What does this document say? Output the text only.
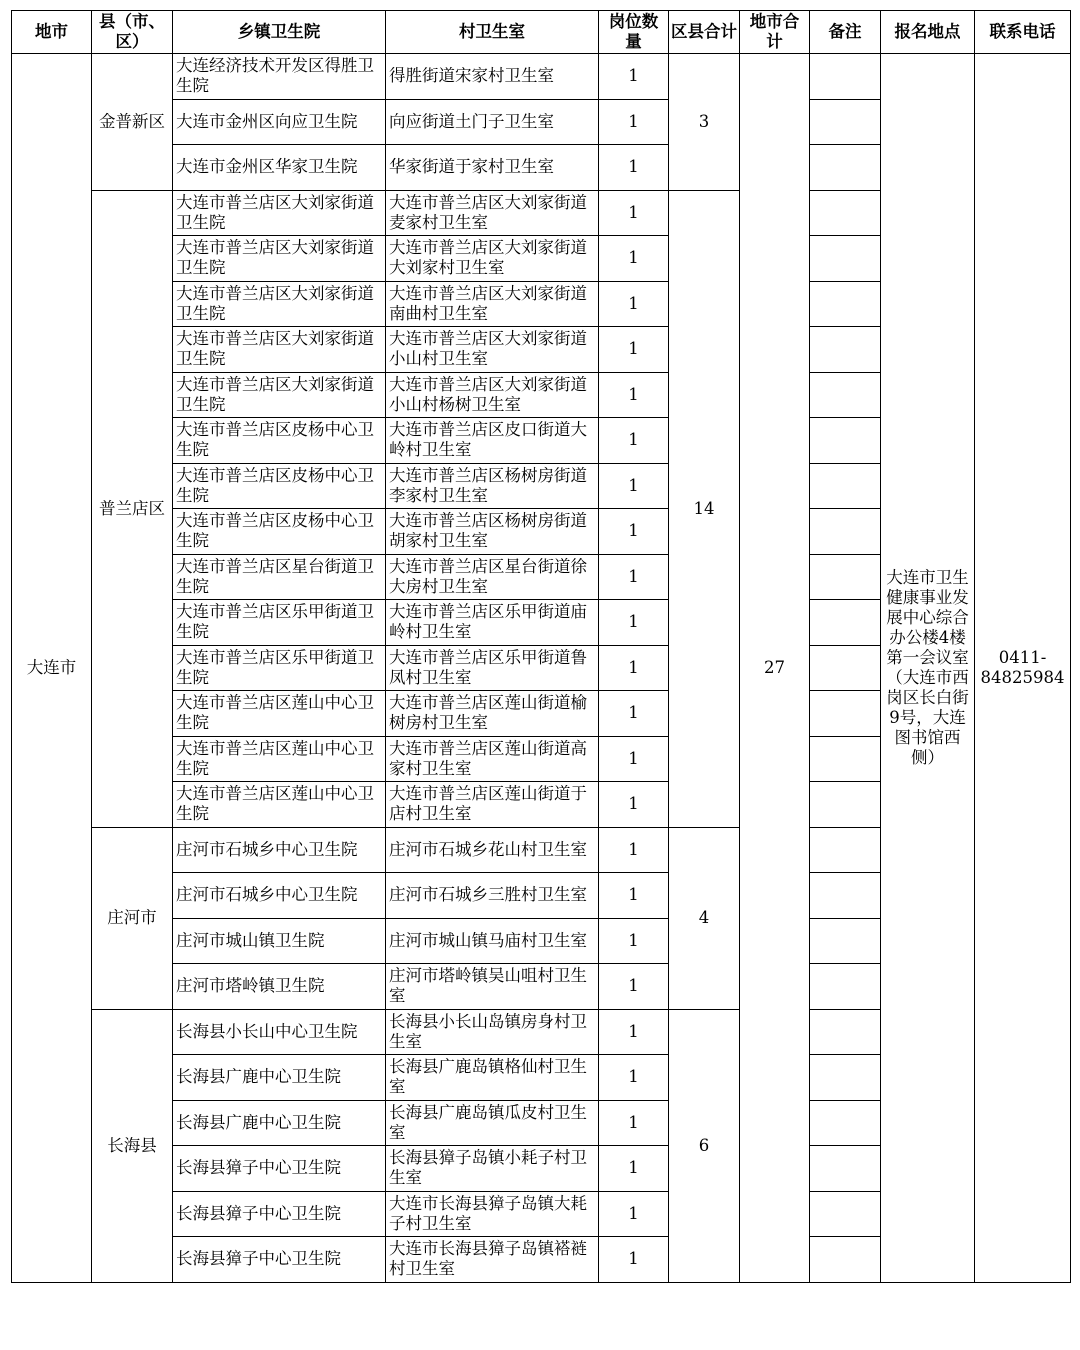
地市	县（市、区）	乡镇卫生院	村卫生室	岗位数量	区县合计	地市合计	备注	报名地点	联系电话
大连市	金普新区	大连经济技术开发区得胜卫生院	得胜街道宋家村卫生室	1	3	27		大连市卫生健康事业发展中心综合办公楼4楼第一会议室（大连市西岗区长白街9号，大连图书馆西侧）	0411-84825984
		大连市金州区向应卫生院	向应街道土门子卫生室	1					
		大连市金州区华家卫生院	华家街道于家村卫生室	1					
	普兰店区	大连市普兰店区大刘家街道卫生院	大连市普兰店区大刘家街道麦家村卫生室	1	14				
		大连市普兰店区大刘家街道卫生院	大连市普兰店区大刘家街道大刘家村卫生室	1					
		大连市普兰店区大刘家街道卫生院	大连市普兰店区大刘家街道南曲村卫生室	1					
		大连市普兰店区大刘家街道卫生院	大连市普兰店区大刘家街道小山村卫生室	1					
		大连市普兰店区大刘家街道卫生院	大连市普兰店区大刘家街道小山村杨树卫生室	1					
		大连市普兰店区皮杨中心卫生院	大连市普兰店区皮口街道大岭村卫生室	1					
		大连市普兰店区皮杨中心卫生院	大连市普兰店区杨树房街道李家村卫生室	1					
		大连市普兰店区皮杨中心卫生院	大连市普兰店区杨树房街道胡家村卫生室	1					
		大连市普兰店区星台街道卫生院	大连市普兰店区星台街道徐大房村卫生室	1					
		大连市普兰店区乐甲街道卫生院	大连市普兰店区乐甲街道庙岭村卫生室	1					
		大连市普兰店区乐甲街道卫生院	大连市普兰店区乐甲街道鲁凤村卫生室	1					
		大连市普兰店区莲山中心卫生院	大连市普兰店区莲山街道榆树房村卫生室	1					
		大连市普兰店区莲山中心卫生院	大连市普兰店区莲山街道高家村卫生室	1					
		大连市普兰店区莲山中心卫生院	大连市普兰店区莲山街道于店村卫生室	1					
	庄河市	庄河市石城乡中心卫生院	庄河市石城乡花山村卫生室	1	4				
		庄河市石城乡中心卫生院	庄河市石城乡三胜村卫生室	1					
		庄河市城山镇卫生院	庄河市城山镇马庙村卫生室	1					
		庄河市塔岭镇卫生院	庄河市塔岭镇吴山咀村卫生室	1					
	长海县	长海县小长山中心卫生院	长海县小长山岛镇房身村卫生室	1	6				
		长海县广鹿中心卫生院	长海县广鹿岛镇格仙村卫生室	1					
		长海县广鹿中心卫生院	长海县广鹿岛镇瓜皮村卫生室	1					
		长海县獐子中心卫生院	长海县獐子岛镇小耗子村卫生室	1					
		长海县獐子中心卫生院	大连市长海县獐子岛镇大耗子村卫生室	1					
		长海县獐子中心卫生院	大连市长海县獐子岛镇褡裢村卫生室	1					
